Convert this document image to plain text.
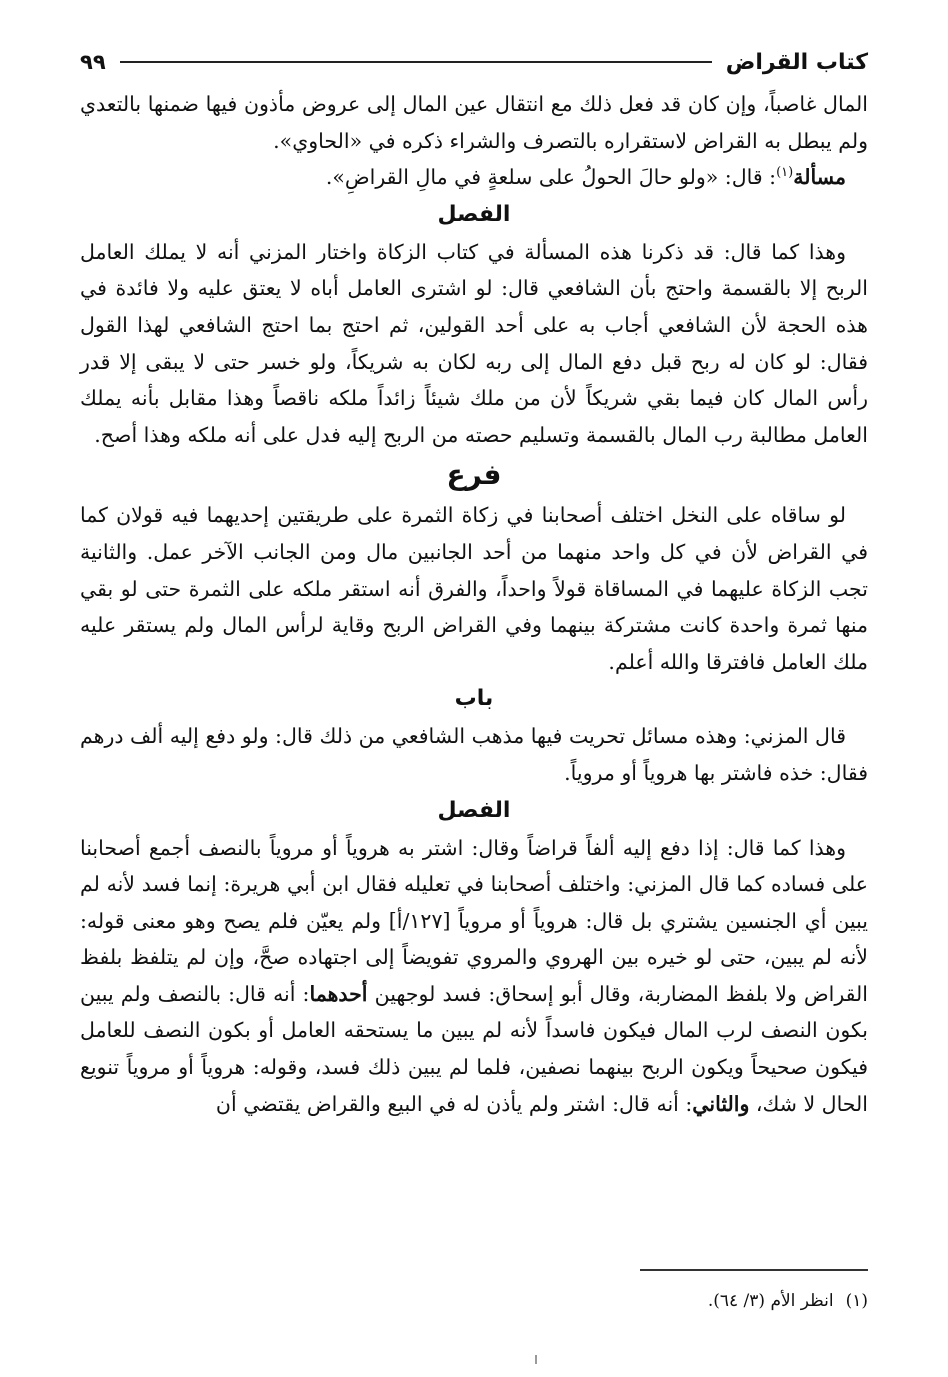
كتاب القراض
٩٩

المال غاصباً، وإن كان قد فعل ذلك مع انتقال عين المال إلى عروض مأذون فيها ضمنها بالتعدي ولم يبطل به القراض لاستقراره بالتصرف والشراء ذكره في «الحاوي».

مسألة$^{(١)}$: قال: «ولو حالَ الحولُ على سلعةٍ في مالِ القراضِ».

الفصل

وهذا كما قال: قد ذكرنا هذه المسألة في كتاب الزكاة واختار المزني أنه لا يملك العامل الربح إلا بالقسمة واحتج بأن الشافعي قال: لو اشترى العامل أباه لا يعتق عليه ولا فائدة في هذه الحجة لأن الشافعي أجاب به على أحد القولين، ثم احتج بما احتج الشافعي لهذا القول فقال: لو كان له ربح قبل دفع المال إلى ربه لكان به شريكاً، ولو خسر حتى لا يبقى إلا قدر رأس المال كان فيما بقي شريكاً لأن من ملك شيئاً زائداً ملكه ناقصاً وهذا مقابل بأنه يملك العامل مطالبة رب المال بالقسمة وتسليم حصته من الربح إليه فدل على أنه ملكه وهذا أصح.

فرع

لو ساقاه على النخل اختلف أصحابنا في زكاة الثمرة على طريقتين إحديهما فيه قولان كما في القراض لأن في كل واحد منهما من أحد الجانبين مال ومن الجانب الآخر عمل. والثانية تجب الزكاة عليهما في المساقاة قولاً واحداً، والفرق أنه استقر ملكه على الثمرة حتى لو بقي منها ثمرة واحدة كانت مشتركة بينهما وفي القراض الربح وقاية لرأس المال ولم يستقر عليه ملك العامل فافترقا والله أعلم.

باب

قال المزني: وهذه مسائل تحريت فيها مذهب الشافعي من ذلك قال: ولو دفع إليه ألف درهم فقال: خذه فاشتر بها هروياً أو مروياً.

الفصل

وهذا كما قال: إذا دفع إليه ألفاً قراضاً وقال: اشتر به هروياً أو مروياً بالنصف أجمع أصحابنا على فساده كما قال المزني: واختلف أصحابنا في تعليله فقال ابن أبي هريرة: إنما فسد لأنه لم يبين أي الجنسين يشتري بل قال: هروياً أو مروياً [١٢٧/أ] ولم يعيّن فلم يصح وهو معنى قوله: لأنه لم يبين، حتى لو خيره بين الهروي والمروي تفويضاً إلى اجتهاده صحَّ، وإن لم يتلفظ بلفظ القراض ولا بلفظ المضاربة، وقال أبو إسحاق: فسد لوجهين أحدهما: أنه قال: بالنصف ولم يبين بكون النصف لرب المال فيكون فاسداً لأنه لم يبين ما يستحقه العامل أو بكون النصف للعامل فيكون صحيحاً ويكون الربح بينهما نصفين، فلما لم يبين ذلك فسد، وقوله: هروياً أو مروياً تنويع الحال لا شك، والثاني: أنه قال: اشتر ولم يأذن له في البيع والقراض يقتضي أن

(١)انظر الأم (٣/ ٦٤).
